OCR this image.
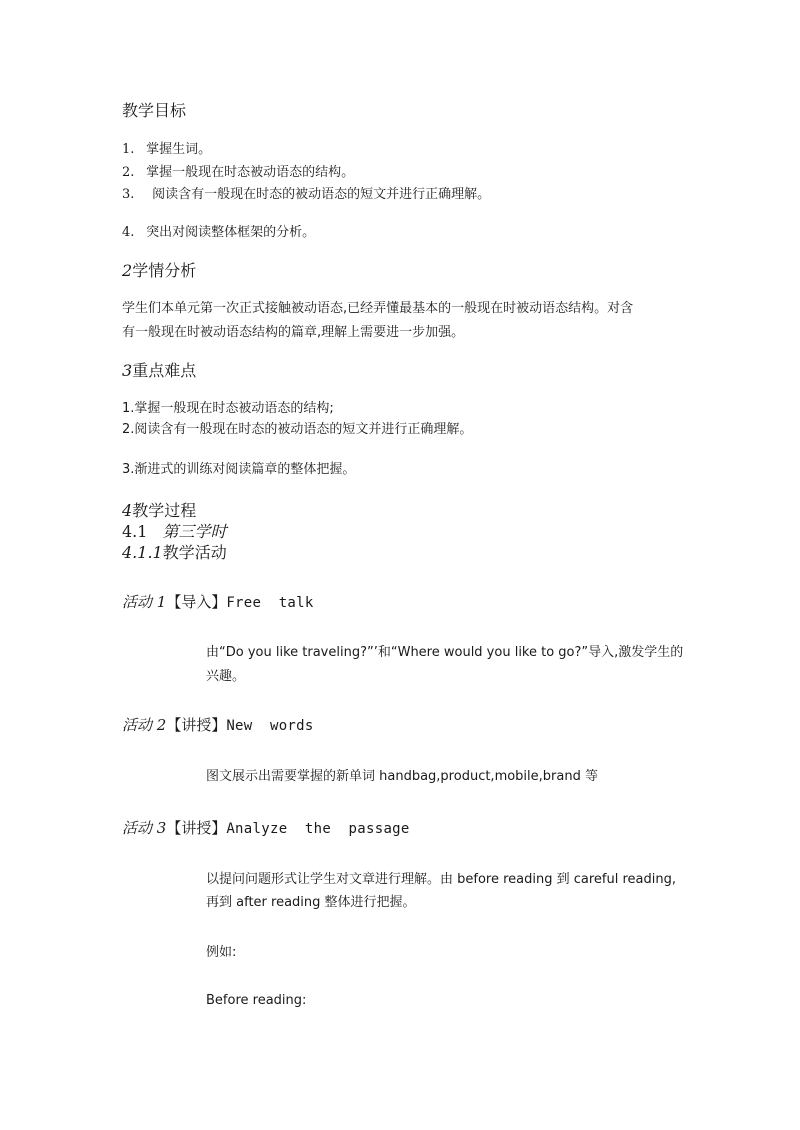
教学目标
1. 掌握生词。
2. 掌握一般现在时态被动语态的结构。
3. 阅读含有一般现在时态的被动语态的短文并进行正确理解。
4. 突出对阅读整体框架的分析。
2学情分析
学生们本单元第一次正式接触被动语态,已经弄懂最基本的一般现在时被动语态结构。对含
有一般现在时被动语态结构的篇章,理解上需要进一步加强。
3重点难点
1.掌握一般现在时态被动语态的结构;
2.阅读含有一般现在时态的被动语态的短文并进行正确理解。
3.渐进式的训练对阅读篇章的整体把握。
4教学过程
4.1 第三学时
4.1.1教学活动
活动 1【导入】Free  talk
由“Do you like traveling?”’和“Where would you like to go?”导入,激发学生的
兴趣。
活动 2【讲授】New  words
图文展示出需要掌握的新单词 handbag,product,mobile,brand 等
活动 3【讲授】Analyze  the  passage
以提问问题形式让学生对文章进行理解。由 before reading 到 careful reading,
再到 after reading 整体进行把握。
例如:
Before reading:
